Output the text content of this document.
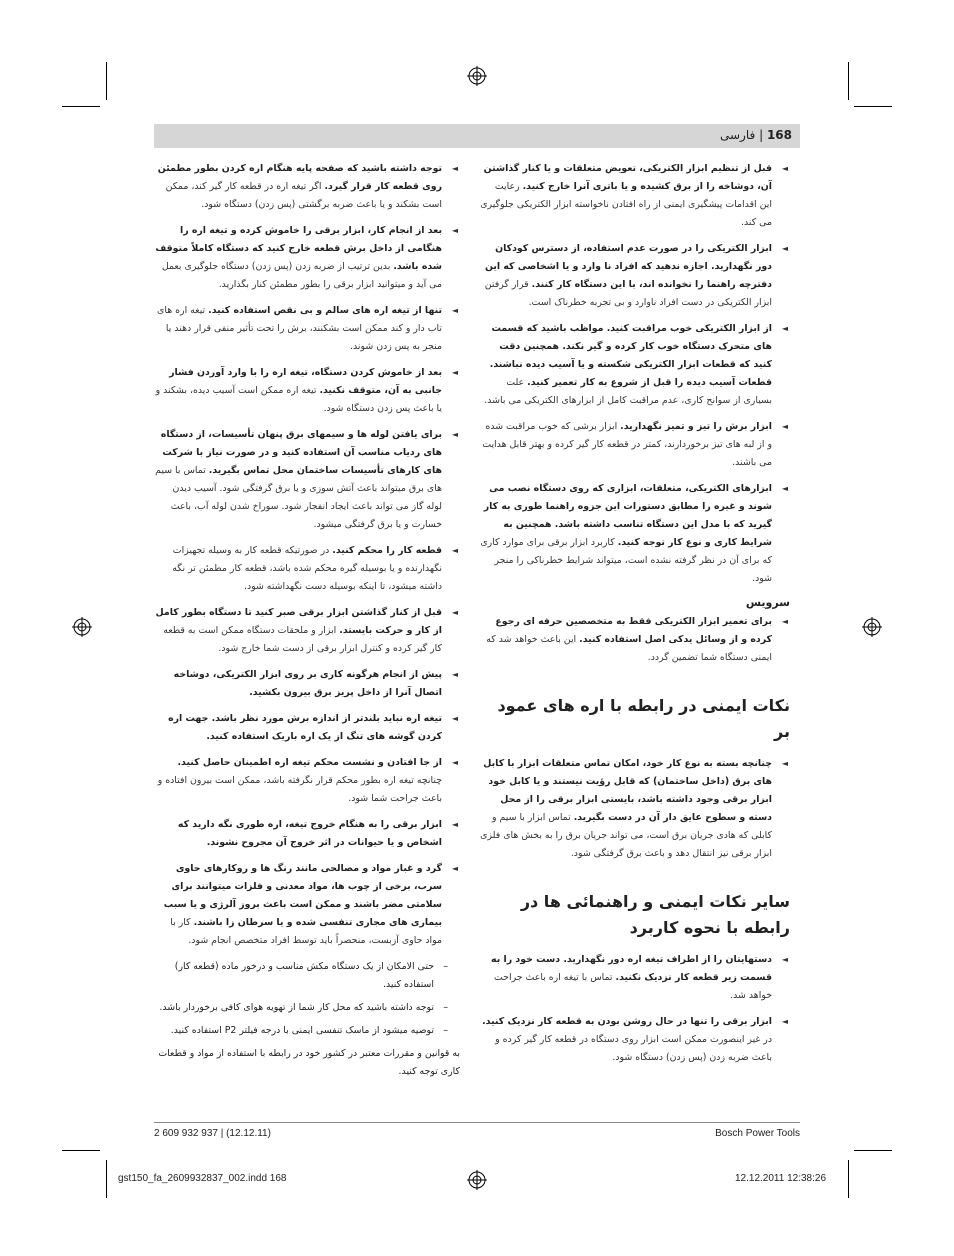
168 | فارسی
◄
قبل از تنظیم ابزار الکتریکی، تعویض متعلقات و یا کنار گذاشتن آن، دوشاخه را از برق کشیده و یا باتری آنرا خارج کنید. رعایت این اقدامات پیشگیری ایمنی از راه افتادن ناخواسته ابزار الکتریکی جلوگیری می کند.
◄
ابزار الکتریکی را در صورت عدم استفاده، از دسترس کودکان دور نگهدارید. اجازه ندهید که افراد نا وارد و یا اشخاصی که این دفترچه راهنما را نخوانده اند، با این دستگاه کار کنند. قرار گرفتن ابزار الکتریکی در دست افراد ناوارد و بی تجربه خطرناک است.
◄
از ابزار الکتریکی خوب مراقبت کنید. مواظب باشید که قسمت های متحرک دستگاه خوب کار کرده و گیر نکند. همچنین دقت کنید که قطعات ابزار الکتریکی شکسته و یا آسیب دیده نباشند. قطعات آسیب دیده را قبل از شروع به کار تعمیر کنید. علت بسیاری از سوانح کاری، عدم مراقبت کامل از ابزارهای الکتریکی می باشد.
◄
ابزار برش را تیز و تمیز نگهدارید. ابزار برشی که خوب مراقبت شده و از لبه های تیز برخوردارند، کمتر در قطعه کار گیر کرده و بهتر قابل هدایت می باشند.
◄
ابزارهای الکتریکی، متعلقات، ابزاری که روی دستگاه نصب می شوند و غیره را مطابق دستورات این جزوه راهنما طوری به کار گیرید که با مدل این دستگاه تناسب داشته باشد. همچنین به شرایط کاری و نوع کار توجه کنید. کاربرد ابزار برقی برای موارد کاری که برای آن در نظر گرفته نشده است، میتواند شرایط خطرناکی را منجر شود.
سرویس
◄
برای تعمیر ابزار الکتریکی فقط به متخصصین حرفه ای رجوع کرده و از وسائل یدکی اصل استفاده کنید. این باعث خواهد شد که ایمنی دستگاه شما تضمین گردد.
نکات ایمنی در رابطه با اره های عمود بر
◄
چنانچه بسته به نوع کار خود، امکان تماس متعلقات ابزار با کابل های برق (داخل ساختمان) که قابل رؤیت نیستند و یا کابل خود ابزار برقی وجود داشته باشد، بایستی ابزار برقی را از محل دسته و سطوح عایق دار آن در دست بگیرید. تماس ابزار با سیم و کابلی که هادی جریان برق است، می تواند جریان برق را به بخش های فلزی ابزار برقی نیز انتقال دهد و باعث برق گرفتگی شود.
سایر نکات ایمنی و راهنمائی ها در رابطه با نحوه کاربرد
◄
دستهایتان را از اطراف تیغه اره دور نگهدارید. دست خود را به قسمت زیر قطعه کار نزدیک نکنید. تماس با تیغه اره باعث جراحت خواهد شد.
◄
ابزار برقی را تنها در حال روشن بودن به قطعه کار نزدیک کنید. در غیر اینصورت ممکن است ابزار روی دستگاه در قطعه کار گیر کرده و باعث ضربه زدن (پس زدن) دستگاه شود.
◄
توجه داشته باشید که صفحه پایه هنگام اره کردن بطور مطمئن روی قطعه کار قرار گیرد. اگر تیغه اره در قطعه کار گیر کند، ممکن است بشکند و یا باعث ضربه برگشتی (پس زدن) دستگاه شود.
◄
بعد از انجام کار، ابزار برقی را خاموش کرده و تیغه اره را هنگامی از داخل برش قطعه خارج کنید که دستگاه کاملاً متوقف شده باشد. بدین ترتیب از ضربه زدن (پس زدن) دستگاه جلوگیری بعمل می آید و میتوانید ابزار برقی را بطور مطمئن کنار بگذارید.
◄
تنها از تیغه اره های سالم و بی نقص استفاده کنید. تیغه اره های تاب دار و کند ممکن است بشکنند، برش را تحت تأثیر منفی قرار دهند یا منجر به پس زدن شوند.
◄
بعد از خاموش کردن دستگاه، تیغه اره را با وارد آوردن فشار جانبی به آن، متوقف نکنید. تیغه اره ممکن است آسیب دیده، بشکند و یا باعث پس زدن دستگاه شود.
◄
برای یافتن لوله ها و سیمهای برق پنهان تأسیسات، از دستگاه های ردیاب مناسب آن استفاده کنید و در صورت نیاز با شرکت های کارهای تأسیسات ساختمان محل تماس بگیرید. تماس با سیم های برق میتواند باعث آتش سوزی و یا برق گرفتگی شود. آسیب دیدن لوله گاز می تواند باعث ایجاد انفجار شود. سوراخ شدن لوله آب، باعث خسارت و یا برق گرفتگی میشود.
◄
قطعه کار را محکم کنید. در صورتیکه قطعه کار به وسیله تجهیزات نگهدارنده و یا بوسیله گیره محکم شده باشد، قطعه کار مطمئن تر نگه داشته میشود، تا اینکه بوسیله دست نگهداشته شود.
◄
قبل از کنار گذاشتن ابزار برقی صبر کنید تا دستگاه بطور کامل از کار و حرکت بایستد. ابزار و ملحقات دستگاه ممکن است به قطعه کار گیر کرده و کنترل ابزار برقی از دست شما خارج شود.
◄
پیش از انجام هرگونه کاری بر روی ابزار الکتریکی، دوشاخه اتصال آنرا از داخل پریز برق بیرون بکشید.
◄
تیغه اره نباید بلندتر از اندازه برش مورد نظر باشد. جهت اره کردن گوشه های تنگ از یک اره باریک استفاده کنید.
◄
از جا افتادن و نشست محکم تیغه اره اطمینان حاصل کنید. چنانچه تیغه اره بطور محکم قرار نگرفته باشد، ممکن است بیرون افتاده و باعث جراحت شما شود.
◄
ابزار برقی را به هنگام خروج تیغه، اره طوری نگه دارید که اشخاص و یا حیوانات در اثر خروج آن مجروح نشوند.
◄
گرد و غبار مواد و مصالحی مانند رنگ ها و روکارهای حاوی سرب، برخی از چوب ها، مواد معدنی و فلزات میتوانند برای سلامتی مضر باشند و ممکن است باعث بروز آلرژی و یا سبب بیماری های مجاری تنفسی شده و یا سرطان زا باشند. کار با مواد حاوی آزبست، منحصراً باید توسط افراد متخصص انجام شود.
–
حتی الامکان از یک دستگاه مکش مناسب و درخور ماده (قطعه کار) استفاده کنید.
–
توجه داشته باشید که محل کار شما از تهویه هوای کافی برخوردار باشد.
–
توصیه میشود از ماسک تنفسی ایمنی با درجه فیلتر P2 استفاده کنید.
به قوانین و مقررات معتبر در کشور خود در رابطه با استفاده از مواد و قطعات کاری توجه کنید.
2 609 932 937 | (12.12.11)	Bosch Power Tools
gst150_fa_2609932837_002.indd 168	12.12.2011 12:38:26
